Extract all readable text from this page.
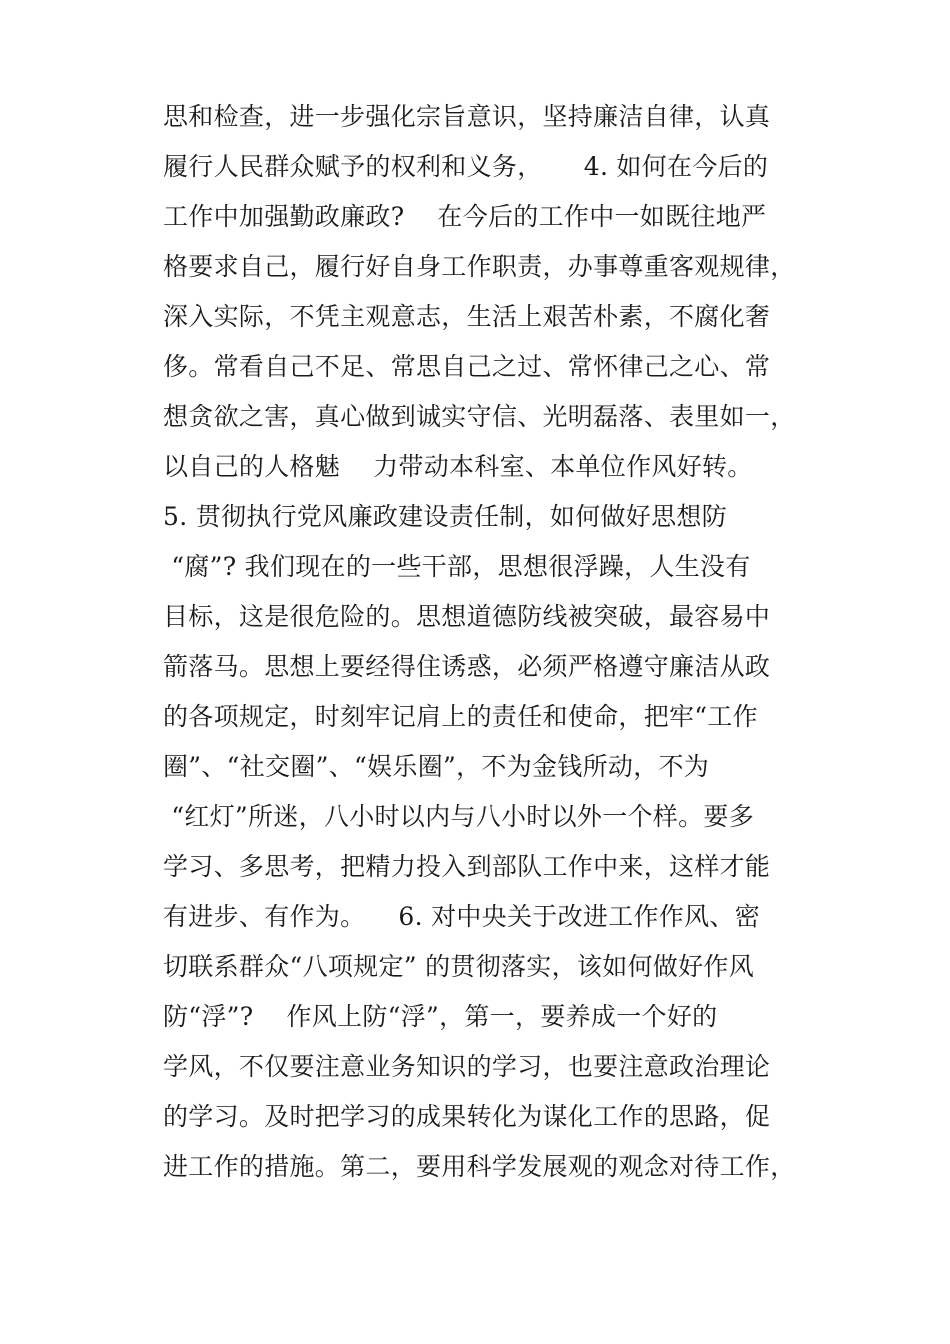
思和检查，进一步强化宗旨意识，坚持廉洁自律，认真
履行人民群众赋予的权利和义务，     4. 如何在今后的
工作中加强勤政廉政?    在今后的工作中一如既往地严
格要求自己，履行好自身工作职责，办事尊重客观规律，
深入实际，不凭主观意志，生活上艰苦朴素，不腐化奢
侈。常看自己不足、常思自己之过、常怀律己之心、常
想贪欲之害，真心做到诚实守信、光明磊落、表里如一，
以自己的人格魅    力带动本科室、本单位作风好转。
5. 贯彻执行党风廉政建设责任制，如何做好思想防
“腐”? 我们现在的一些干部，思想很浮躁，人生没有
目标，这是很危险的。思想道德防线被突破，最容易中
箭落马。思想上要经得住诱惑，必须严格遵守廉洁从政
的各项规定，时刻牢记肩上的责任和使命，把牢“工作
圈”、“社交圈”、“娱乐圈”，不为金钱所动，不为
“红灯”所迷，八小时以内与八小时以外一个样。要多
学习、多思考，把精力投入到部队工作中来，这样才能
有进步、有作为。    6. 对中央关于改进工作作风、密
切联系群众“八项规定” 的贯彻落实，该如何做好作风
防“浮”?    作风上防“浮”，第一，要养成一个好的
学风，不仅要注意业务知识的学习，也要注意政治理论
的学习。及时把学习的成果转化为谋化工作的思路，促
进工作的措施。第二，要用科学发展观的观念对待工作，
